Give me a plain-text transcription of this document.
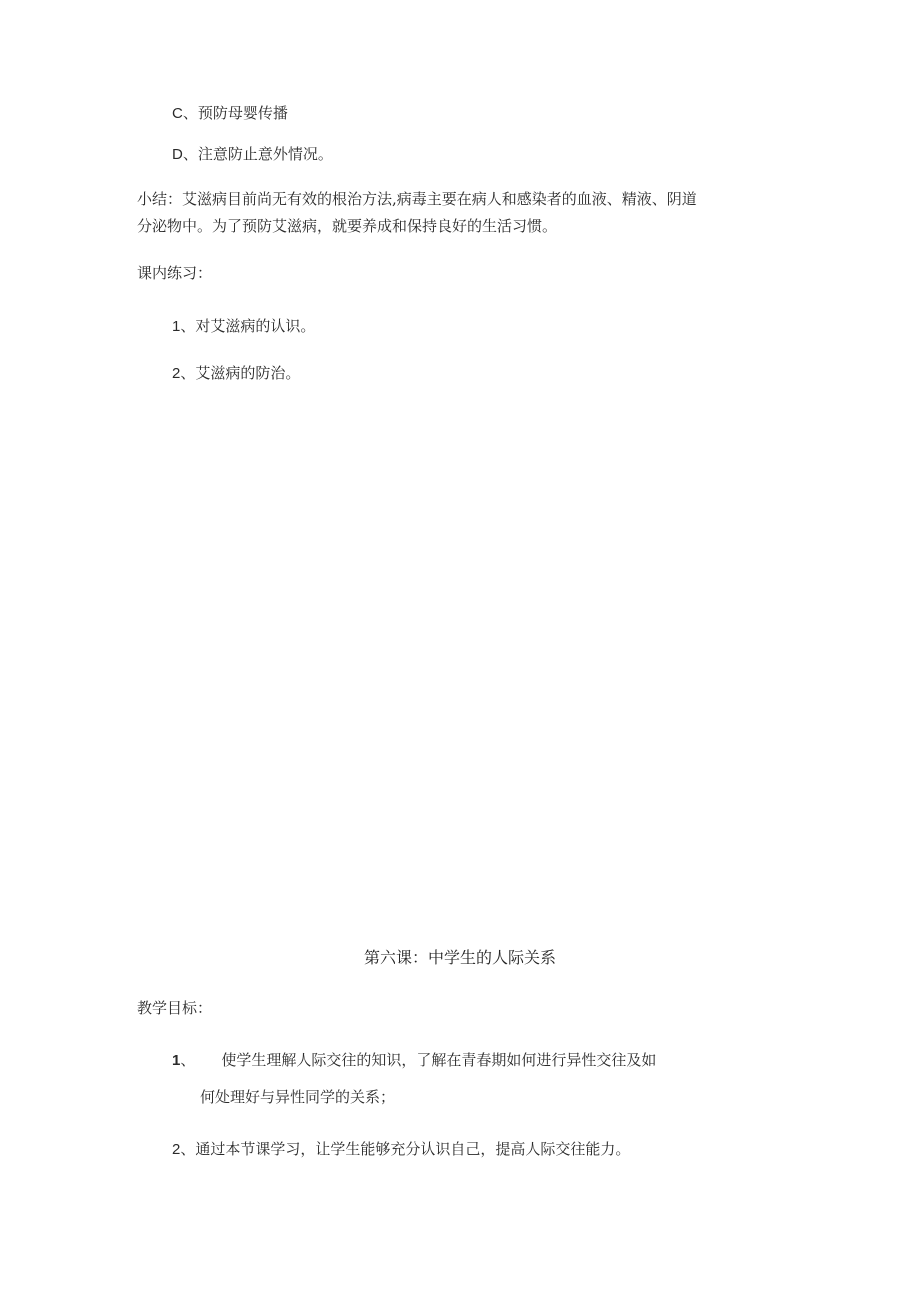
C、预防母婴传播
D、注意防止意外情况。
小结：艾滋病目前尚无有效的根治方法,病毒主要在病人和感染者的血液、精液、阴道
分泌物中。为了预防艾滋病，就要养成和保持良好的生活习惯。
课内练习：
1、对艾滋病的认识。
2、艾滋病的防治。
第六课：中学生的人际关系
教学目标：
1、 使学生理解人际交往的知识，了解在青春期如何进行异性交往及如
何处理好与异性同学的关系；
2、通过本节课学习，让学生能够充分认识自己，提高人际交往能力。
